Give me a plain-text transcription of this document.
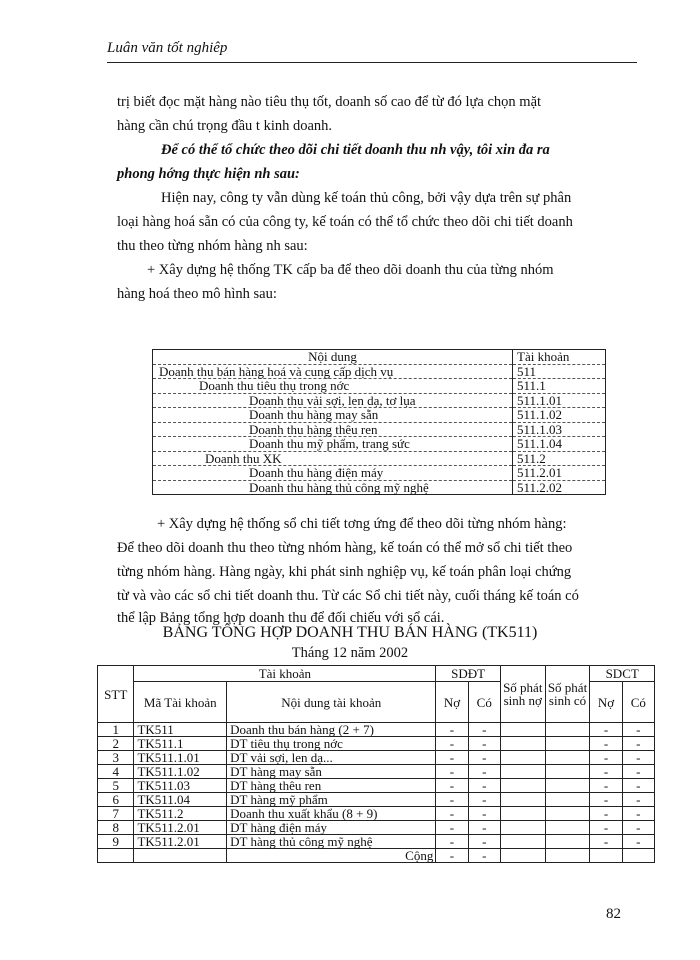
Luân văn tốt nghiêp
trị biết đọc mặt hàng nào tiêu thụ tốt, doanh số cao để từ đó lựa chọn mặt
hàng cần chú trọng đầu t kinh doanh.
Để có thể tổ chức theo dõi chi tiết doanh thu nh vậy, tôi xin đa ra
phong hớng thực hiện nh sau:
Hiện nay, công ty vẫn dùng kế toán thủ công, bởi vậy dựa trên sự phân
loại hàng hoá sẵn có của công ty, kế toán có thể tổ chức theo dõi chi tiết doanh
thu theo từng nhóm hàng nh sau:
+ Xây dựng hệ thống TK cấp ba để theo dõi doanh thu của từng nhóm
hàng hoá theo mô hình sau:
Nội dung	Tài khoản
Doanh thu bán hàng hoá và cung cấp dịch vụ	511
Doanh thu tiêu thụ trong nớc	511.1
Doanh thu vải sợi, len dạ, tơ lụa	511.1.01
Doanh thu hàng may sẵn	511.1.02
Doanh thu hàng thêu ren	511.1.03
Doanh thu mỹ phẩm, trang sức	511.1.04
Doanh thu XK	511.2
Doanh thu hàng điện máy	511.2.01
Doanh thu hàng thủ công mỹ nghệ	511.2.02
+ Xây dựng hệ thống sổ chi tiết tơng ứng để theo dõi từng nhóm hàng:
Để theo dõi doanh thu theo từng nhóm hàng, kế toán có thể mở sổ chi tiết theo
từng nhóm hàng. Hàng ngày, khi phát sinh nghiệp vụ, kế toán phân loại chứng
từ và vào các sổ chi tiết doanh thu. Từ các Sổ chi tiết này, cuối tháng kế toán có
thể lập Bảng tổng hợp doanh thu để đối chiếu với sổ cái.
BẢNG TỔNG HỢP DOANH THU BÁN HÀNG (TK511)
Tháng 12 năm 2002
STT	Tài khoản		SDĐT		Số phát sinh nợ	Số phát sinh có	SDCT	
	Mã Tài khoản	Nội dung tài khoản	Nợ	Có			Nợ	Có
1	TK511	Doanh thu bán hàng (2 + 7)	-	-			-	-
2	TK511.1	DT tiêu thụ trong nớc	-	-			-	-
3	TK511.1.01	DT vải sợi, len dạ...	-	-			-	-
4	TK511.1.02	DT hàng may sẵn	-	-			-	-
5	TK511.03	DT hàng thêu ren	-	-			-	-
6	TK511.04	DT hàng mỹ phẩm	-	-			-	-
7	TK511.2	Doanh thu xuất khẩu (8 + 9)	-	-			-	-
8	TK511.2.01	DT hàng điện máy	-	-			-	-
9	TK511.2.01	DT hàng thủ công mỹ nghệ	-	-			-	-
		Cộng	-	-				
82
